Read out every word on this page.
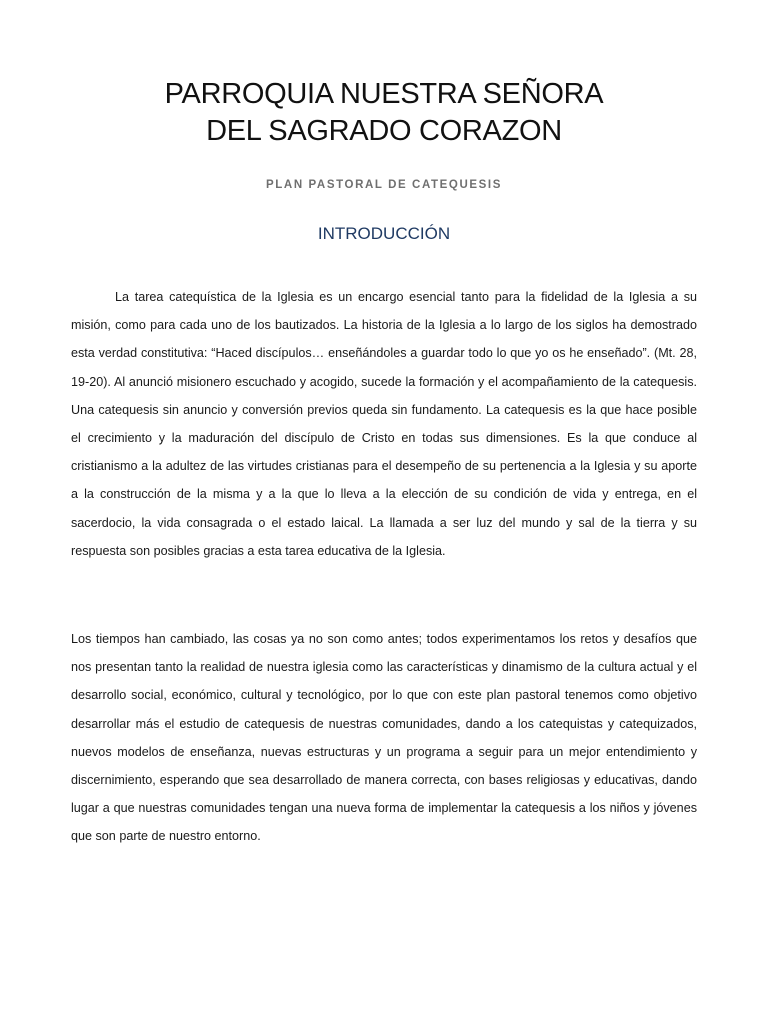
PARROQUIA NUESTRA SEÑORA
DEL SAGRADO CORAZON

PLAN PASTORAL DE CATEQUESIS

INTRODUCCIÓN

La tarea catequística de la Iglesia es un encargo esencial tanto para la fidelidad de la Iglesia a su misión, como para cada uno de los bautizados. La historia de la Iglesia a lo largo de los siglos ha demostrado esta verdad constitutiva: “Haced discípulos… enseñándoles a guardar todo lo que yo os he enseñado”. (Mt. 28, 19-20). Al anunció misionero escuchado y acogido, sucede la formación y el acompañamiento de la catequesis. Una catequesis sin anuncio y conversión previos queda sin fundamento. La catequesis es la que hace posible el crecimiento y la maduración del discípulo de Cristo en todas sus dimensiones. Es la que conduce al cristianismo a la adultez de las virtudes cristianas para el desempeño de su pertenencia a la Iglesia y su aporte a la construcción de la misma y a la que lo lleva a la elección de su condición de vida y entrega, en el sacerdocio, la vida consagrada o el estado laical. La llamada a ser luz del mundo y sal de la tierra y su respuesta son posibles gracias a esta tarea educativa de la Iglesia.

Los tiempos han cambiado, las cosas ya no son como antes; todos experimentamos los retos y desafíos que nos presentan tanto la realidad de nuestra iglesia como las características y dinamismo de la cultura actual y el desarrollo social, económico, cultural y tecnológico, por lo que con este plan pastoral tenemos como objetivo desarrollar más el estudio de catequesis de nuestras comunidades, dando a los catequistas y catequizados, nuevos modelos de enseñanza, nuevas estructuras y un programa a seguir para un mejor entendimiento y discernimiento, esperando que sea desarrollado de manera correcta, con bases religiosas y educativas, dando lugar a que nuestras comunidades tengan una nueva forma de implementar la catequesis a los niños y jóvenes que son parte de nuestro entorno.
